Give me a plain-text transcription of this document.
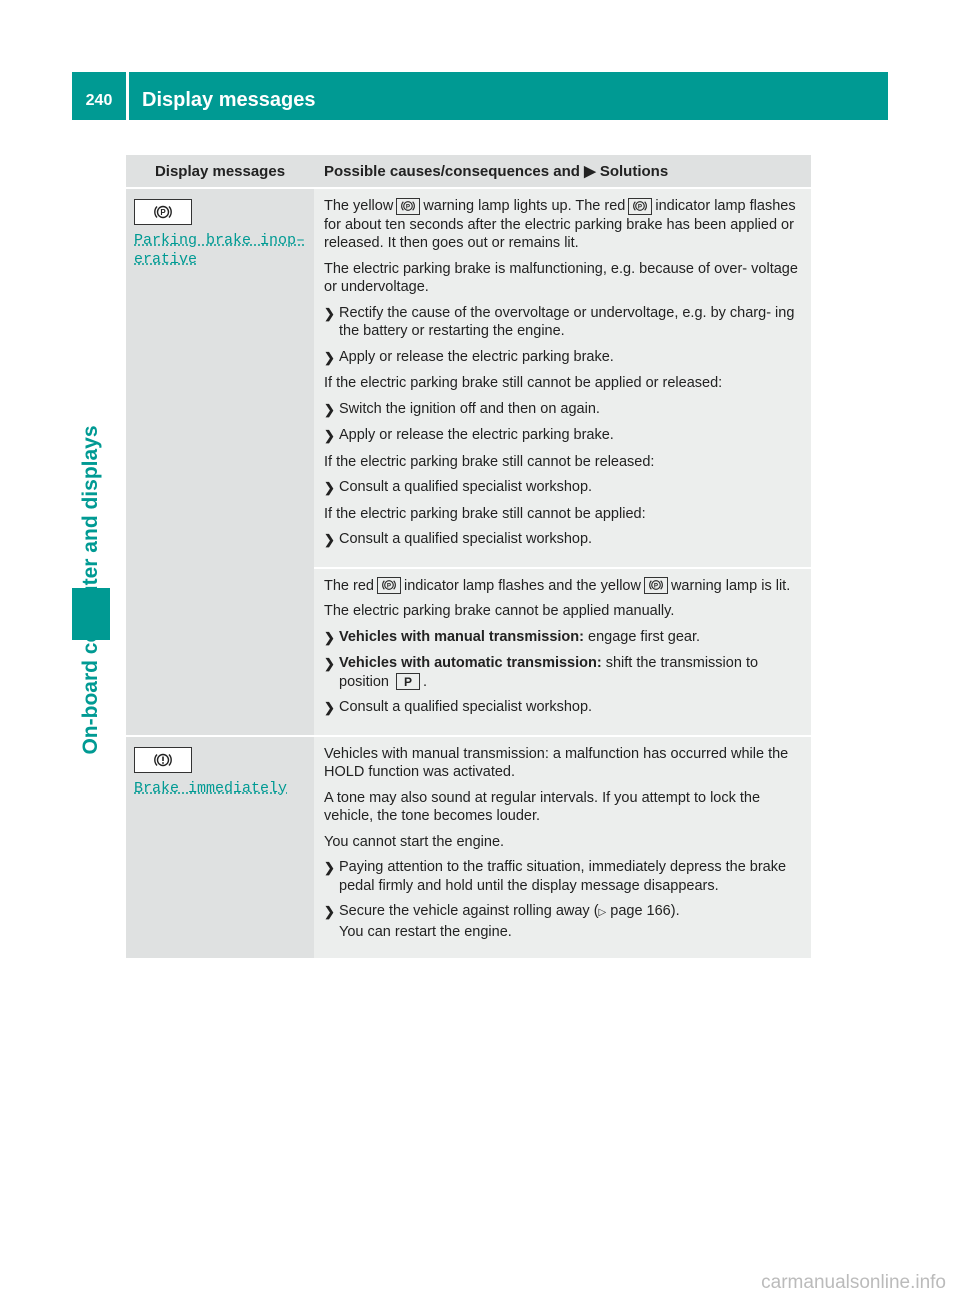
240	Display messages
Display messages	Possible causes/consequences and ▶ Solutions
P
Parking brake inop– erative

The yellow P warning lamp lights up. The red P indicator lamp flashes for about ten seconds after the electric parking brake has been applied or released. It then goes out or remains lit.

The electric parking brake is malfunctioning, e.g. because of over- voltage or undervoltage.

❯ Rectify the cause of the overvoltage or undervoltage, e.g. by charg- ing the battery or restarting the engine.
❯ Apply or release the electric parking brake.

If the electric parking brake still cannot be applied or released:

❯ Switch the ignition off and then on again.
❯ Apply or release the electric parking brake.

If the electric parking brake still cannot be released:

❯ Consult a qualified specialist workshop.

If the electric parking brake still cannot be applied:

❯ Consult a qualified specialist workshop.

The red P indicator lamp flashes and the yellow P warning lamp is lit.

The electric parking brake cannot be applied manually.

❯ Vehicles with manual transmission: engage first gear.
❯ Vehicles with automatic transmission: shift the transmission to position P .
❯ Consult a qualified specialist workshop.
Brake immediately

Vehicles with manual transmission: a malfunction has occurred while the HOLD function was activated.

A tone may also sound at regular intervals. If you attempt to lock the vehicle, the tone becomes louder.

You cannot start the engine.

❯ Paying attention to the traffic situation, immediately depress the brake pedal firmly and hold until the display message disappears.
❯ Secure the vehicle against rolling away (▷ page 166).
You can restart the engine.
carmanualsonline.info
